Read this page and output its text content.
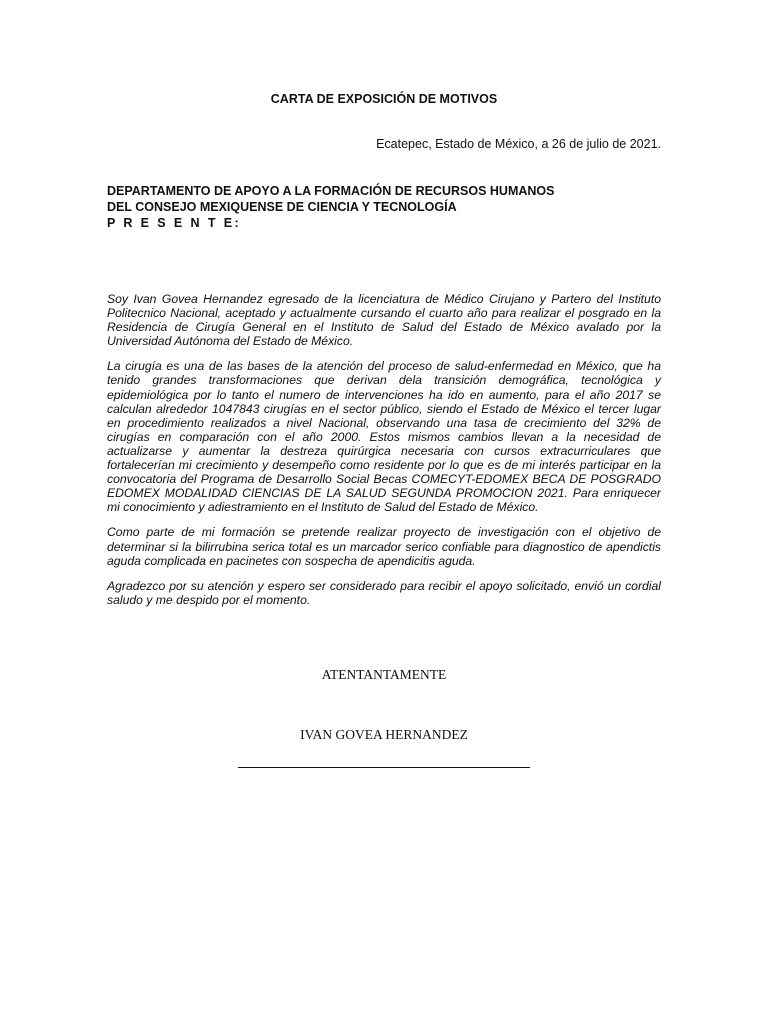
CARTA DE EXPOSICIÓN DE MOTIVOS
Ecatepec, Estado de México, a 26 de julio de 2021.
DEPARTAMENTO DE APOYO A LA FORMACIÓN DE RECURSOS HUMANOS
DEL CONSEJO MEXIQUENSE DE CIENCIA Y TECNOLOGÍA
P R E S E N T E:

Soy Ivan Govea Hernandez egresado de la licenciatura de Médico Cirujano y Partero del Instituto Politecnico Nacional, aceptado y actualmente cursando el cuarto año para realizar el posgrado en la Residencia de Cirugía General en el Instituto de Salud del Estado de México avalado por la Universidad Autónoma del Estado de México.

La cirugía es una de las bases de la atención del proceso de salud-enfermedad en México, que ha tenido grandes transformaciones que derivan dela transición demográfica, tecnológica y epidemiológica por lo tanto el numero de intervenciones ha ido en aumento, para el año 2017 se calculan alrededor 1047843 cirugías en el sector público, siendo el Estado de México el tercer lugar en procedimiento realizados a nivel Nacional, observando una tasa de crecimiento del 32% de cirugías en comparación con el año 2000. Estos mismos cambios llevan a la necesidad de actualizarse y aumentar la destreza quirúrgica necesaria con cursos extracurriculares que fortalecerían mi crecimiento y desempeño como residente por lo que es de mi interés participar en la convocatoria del Programa de Desarrollo Social Becas COMECYT-EDOMEX BECA DE POSGRADO EDOMEX MODALIDAD CIENCIAS DE LA SALUD SEGUNDA PROMOCION 2021. Para enriquecer mi conocimiento y adiestramiento en el Instituto de Salud del Estado de México.

Como parte de mi formación se pretende realizar proyecto de investigación con el objetivo de determinar si la bilirrubina serica total es un marcador serico confiable para diagnostico de apendictis aguda complicada en pacinetes con sospecha de apendicitis aguda.

Agradezco por su atención y espero ser considerado para recibir el apoyo solicitado, envió un cordial saludo y me despido por el momento.

ATENTANTAMENTE
IVAN GOVEA HERNANDEZ
